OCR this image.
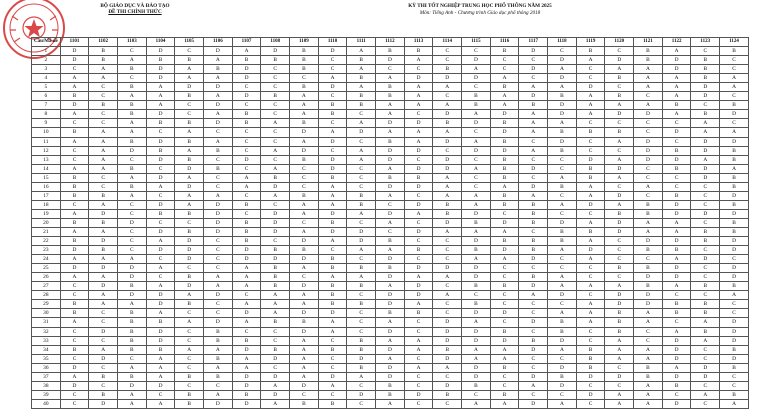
BỘ GIÁO DỤC VÀ ĐÀO TẠO
ĐỀ THI CHÍNH THỨC
KỲ THI TỐT NGHIỆP TRUNG HỌC PHỔ THÔNG NĂM 2025
Môn: Tiếng Anh - Chương trình Giáo dục phổ thông 2018
Câu/Mã đề	1101	1102	1103	1104	1105	1106	1107	1108	1109	1110	1111	1112	1113	1114	1115	1116	1117	1118	1119	1120	1121	1122	1123	1124
1	D	B	C	D	C	D	A	D	B	D	A	B	B	C	C	B	D	C	B	C	B	A	C	B
2	D	B	A	B	B	A	B	B	B	C	B	D	A	C	D	C	C	D	A	D	B	D	B	C
3	C	A	B	D	A	B	D	C	B	C	A	C	C	B	A	C	D	A	C	A	A	D	B	C
4	A	A	C	D	A	A	D	C	C	A	B	A	D	D	D	A	C	D	C	B	A	A	B	A
5	A	C	B	A	D	D	C	C	B	D	A	B	A	A	C	B	A	A	D	C	A	A	D	A
6	B	C	A	A	B	A	D	B	A	C	B	B	A	C	B	A	D	B	A	B	C	A	D	C
7	D	B	B	A	C	D	C	C	A	B	B	A	A	A	B	A	B	D	A	A	A	B	C	B
8	A	C	B	D	C	A	B	C	A	B	C	A	C	D	A	D	A	D	A	D	D	A	B	D
9	C	C	A	B	B	D	B	A	B	C	A	D	D	B	D	B	A	A	C	C	C	C	A	C
10	B	A	A	C	A	C	C	C	D	A	D	A	A	A	C	D	A	B	B	B	C	D	A	A
11	A	A	B	D	B	A	C	C	A	D	C	B	A	D	A	B	C	D	C	A	D	C	D	D
12	C	A	D	B	A	B	C	A	D	C	A	D	D	C	D	D	A	B	C	C	D	B	D	B
13	C	A	C	D	B	C	D	C	B	D	A	D	C	D	C	B	C	C	D	A	D	D	A	B
14	A	A	B	C	D	B	C	A	C	D	C	A	D	D	A	B	D	C	B	D	C	B	D	A
15	B	C	A	D	A	C	A	B	C	B	C	B	B	A	C	B	C	A	B	A	C	C	D	B
16	B	C	B	A	D	C	A	D	C	A	C	D	D	A	C	A	D	B	A	C	A	C	C	B
17	B	B	A	C	A	A	C	A	B	A	B	A	C	A	A	B	A	C	A	D	C	B	C	D
18	C	A	C	D	A	D	B	C	A	A	B	C	D	B	A	B	B	A	D	A	B	D	C	B
19	A	D	C	B	B	D	C	D	A	D	A	D	A	B	D	C	B	C	C	B	B	D	D	D
20	B	B	D	C	C	D	B	D	C	B	C	A	C	D	B	D	B	D	A	D	A	A	C	B
21	A	A	C	D	B	D	B	D	A	D	D	C	D	A	A	A	C	B	B	D	A	A	B	B
22	B	D	C	A	D	C	B	C	D	A	D	B	C	C	D	B	B	B	A	C	D	D	B	D
23	D	B	C	D	D	C	D	B	B	C	A	A	B	C	B	D	B	A	D	C	B	B	C	D
24	A	A	A	C	D	C	D	D	D	B	C	D	C	C	A	A	D	C	A	C	C	A	D	C
25	D	D	D	A	C	C	A	B	A	B	B	B	D	D	D	C	C	C	C	B	B	D	C	D
26	A	A	D	C	B	A	A	B	C	A	A	D	A	A	D	C	B	A	C	C	D	D	C	D
27	C	D	B	A	D	A	A	B	D	B	B	A	D	C	B	B	D	A	A	A	B	A	B	B
28	C	A	D	D	A	D	C	A	A	B	C	D	D	A	C	C	A	D	C	D	D	C	C	A
29	B	A	A	D	B	C	A	A	A	B	B	D	A	C	B	C	C	C	A	D	D	B	B	C
30	B	C	B	A	C	C	D	A	D	D	C	B	B	C	D	D	C	A	A	B	A	B	B	C
31	A	C	B	B	A	D	A	B	B	A	C	A	C	D	A	C	D	B	A	B	A	C	A	D
32	C	D	B	D	C	B	C	C	D	A	C	D	C	D	D	B	C	B	C	B	C	A	B	D
33	C	C	B	D	C	B	B	C	A	C	B	A	A	D	D	D	B	D	C	A	C	D	A	D
34	B	A	B	B	A	A	D	B	A	B	B	D	A	B	A	A	D	A	B	A	A	D	C	B
35	C	D	C	A	C	B	A	D	A	C	D	A	C	D	A	A	C	C	B	A	A	D	C	D
36	D	C	A	A	C	A	A	C	A	C	B	D	A	A	D	B	C	D	B	C	B	A	D	B
37	A	B	B	A	B	B	D	D	A	D	A	D	C	C	D	C	D	B	D	D	B	D	D	C
38	D	C	D	D	C	C	D	A	D	A	C	B	C	D	B	C	A	D	C	C	A	B	C	C
39	C	B	A	C	B	A	B	D	C	C	D	B	D	B	C	B	C	C	D	A	A	C	A	B
40	C	D	A	A	B	D	D	A	B	B	C	A	C	C	A	A	D	A	C	A	A	D	C	A
